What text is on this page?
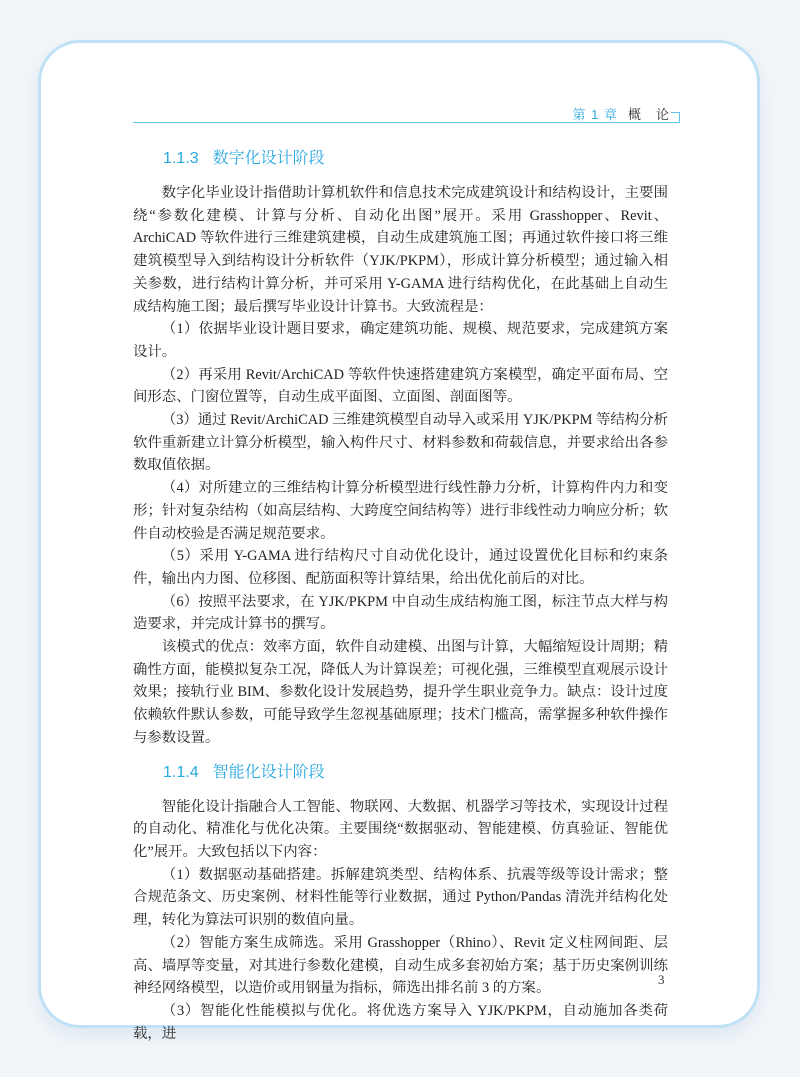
第 1 章 概　论
1.1.3 数字化设计阶段

数字化毕业设计指借助计算机软件和信息技术完成建筑设计和结构设计，主要围绕“参数化建模、计算与分析、自动化出图”展开。采用 Grasshopper、Revit、ArchiCAD 等软件进行三维建筑建模，自动生成建筑施工图；再通过软件接口将三维建筑模型导入到结构设计分析软件（YJK/PKPM），形成计算分析模型；通过输入相关参数，进行结构计算分析，并可采用 Y-GAMA 进行结构优化，在此基础上自动生成结构施工图；最后撰写毕业设计计算书。大致流程是：

（1）依据毕业设计题目要求，确定建筑功能、规模、规范要求，完成建筑方案设计。

（2）再采用 Revit/ArchiCAD 等软件快速搭建建筑方案模型，确定平面布局、空间形态、门窗位置等，自动生成平面图、立面图、剖面图等。

（3）通过 Revit/ArchiCAD 三维建筑模型自动导入或采用 YJK/PKPM 等结构分析软件重新建立计算分析模型，输入构件尺寸、材料参数和荷载信息，并要求给出各参数取值依据。

（4）对所建立的三维结构计算分析模型进行线性静力分析，计算构件内力和变形；针对复杂结构（如高层结构、大跨度空间结构等）进行非线性动力响应分析；软件自动校验是否满足规范要求。

（5）采用 Y-GAMA 进行结构尺寸自动优化设计，通过设置优化目标和约束条件，输出内力图、位移图、配筋面积等计算结果，给出优化前后的对比。

（6）按照平法要求，在 YJK/PKPM 中自动生成结构施工图，标注节点大样与构造要求，并完成计算书的撰写。

该模式的优点：效率方面，软件自动建模、出图与计算，大幅缩短设计周期；精确性方面，能模拟复杂工况，降低人为计算误差；可视化强，三维模型直观展示设计效果；接轨行业 BIM、参数化设计发展趋势，提升学生职业竞争力。缺点：设计过度依赖软件默认参数，可能导致学生忽视基础原理；技术门槛高，需掌握多种软件操作与参数设置。

1.1.4 智能化设计阶段

智能化设计指融合人工智能、物联网、大数据、机器学习等技术，实现设计过程的自动化、精准化与优化决策。主要围绕“数据驱动、智能建模、仿真验证、智能优化”展开。大致包括以下内容：

（1）数据驱动基础搭建。拆解建筑类型、结构体系、抗震等级等设计需求；整合规范条文、历史案例、材料性能等行业数据，通过 Python/Pandas 清洗并结构化处理，转化为算法可识别的数值向量。

（2）智能方案生成筛选。采用 Grasshopper（Rhino）、Revit 定义柱网间距、层高、墙厚等变量，对其进行参数化建模，自动生成多套初始方案；基于历史案例训练神经网络模型，以造价或用钢量为指标，筛选出排名前 3 的方案。

（3）智能化性能模拟与优化。将优选方案导入 YJK/PKPM，自动施加各类荷载，进

3
